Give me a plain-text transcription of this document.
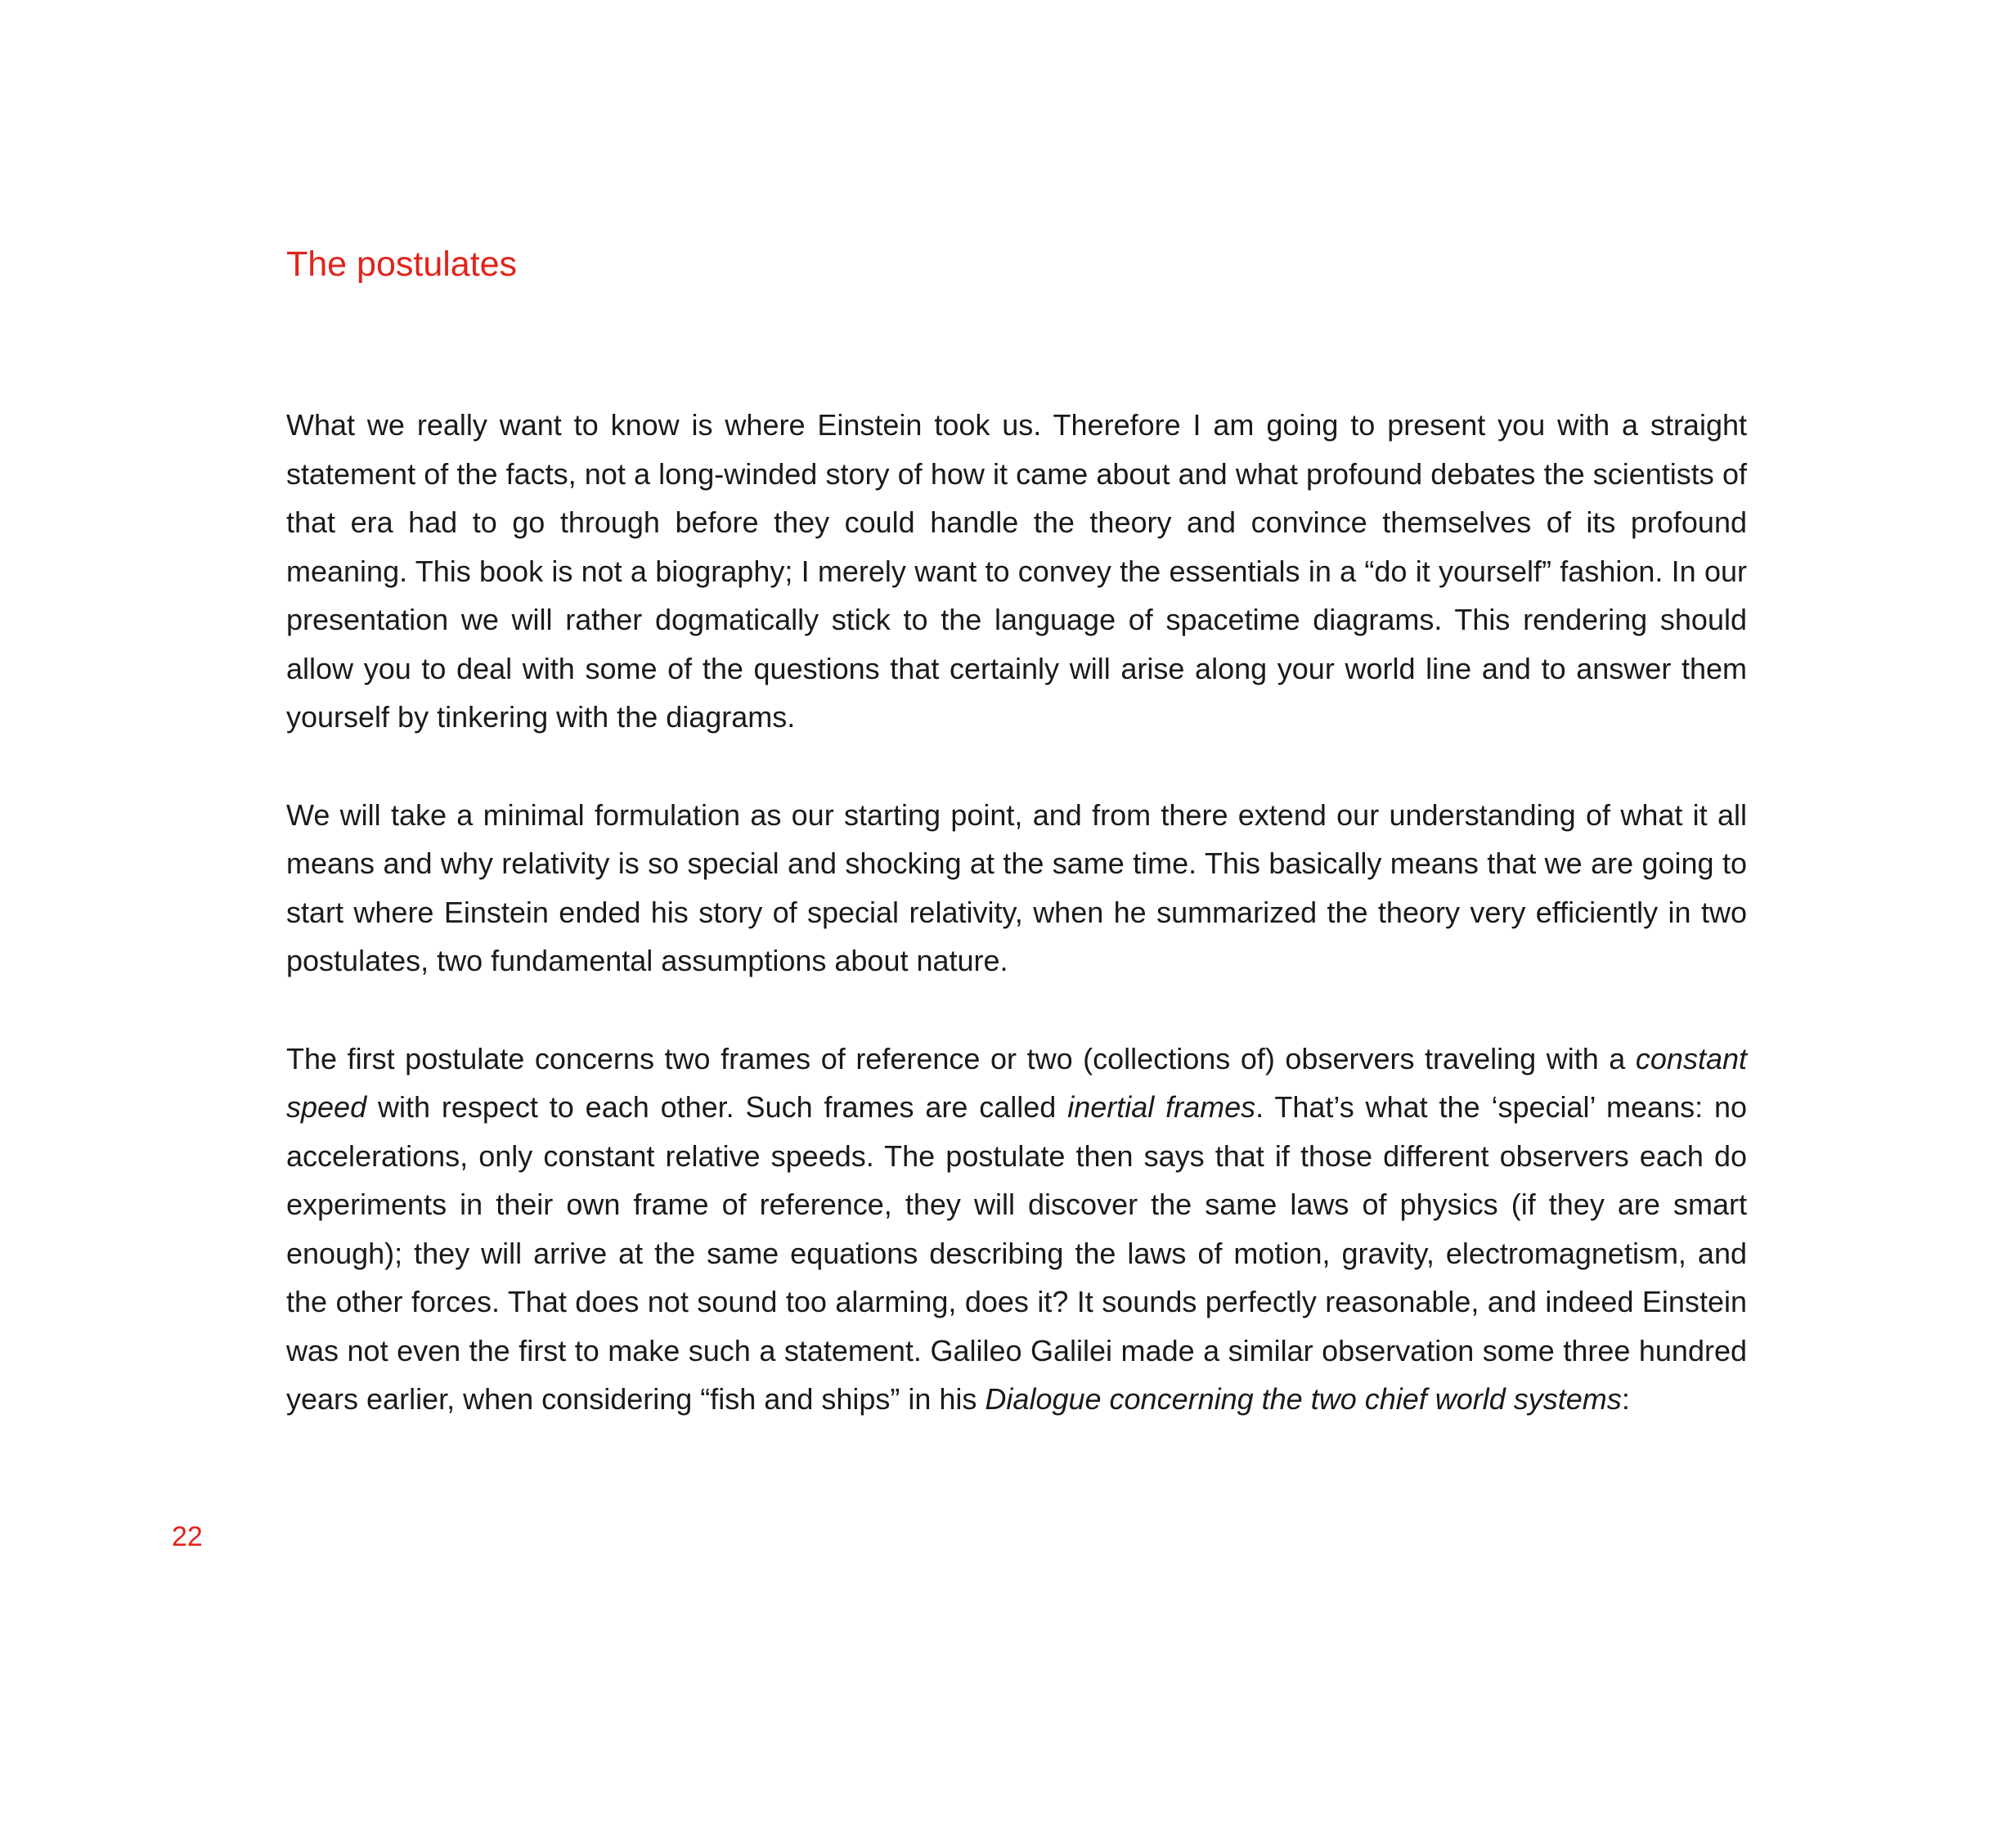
The postulates

What we really want to know is where Einstein took us. Therefore I am going to present you with a straight statement of the facts, not a long-winded story of how it came about and what profound debates the scientists of that era had to go through before they could handle the theory and convince themselves of its profound meaning. This book is not a biography; I merely want to convey the essentials in a “do it yourself” fashion. In our presentation we will rather dogmatically stick to the language of spacetime diagrams. This rendering should allow you to deal with some of the questions that certainly will arise along your world line and to answer them yourself by tinkering with the diagrams.

We will take a minimal formulation as our starting point, and from there extend our understanding of what it all means and why relativity is so special and shocking at the same time. This basically means that we are going to start where Einstein ended his story of special relativity, when he summarized the theory very efficiently in two postulates, two fundamental assumptions about nature.

The first postulate concerns two frames of reference or two (collections of) observers traveling with a constant speed with respect to each other. Such frames are called inertial frames. That’s what the ‘special’ means: no accelerations, only constant relative speeds. The postulate then says that if those different observers each do experiments in their own frame of reference, they will discover the same laws of physics (if they are smart enough); they will arrive at the same equations describing the laws of motion, gravity, electromagnetism, and the other forces. That does not sound too alarming, does it? It sounds perfectly reasonable, and indeed Einstein was not even the first to make such a statement. Galileo Galilei made a similar observation some three hundred years earlier, when considering “fish and ships” in his Dialogue concerning the two chief world systems:

22
